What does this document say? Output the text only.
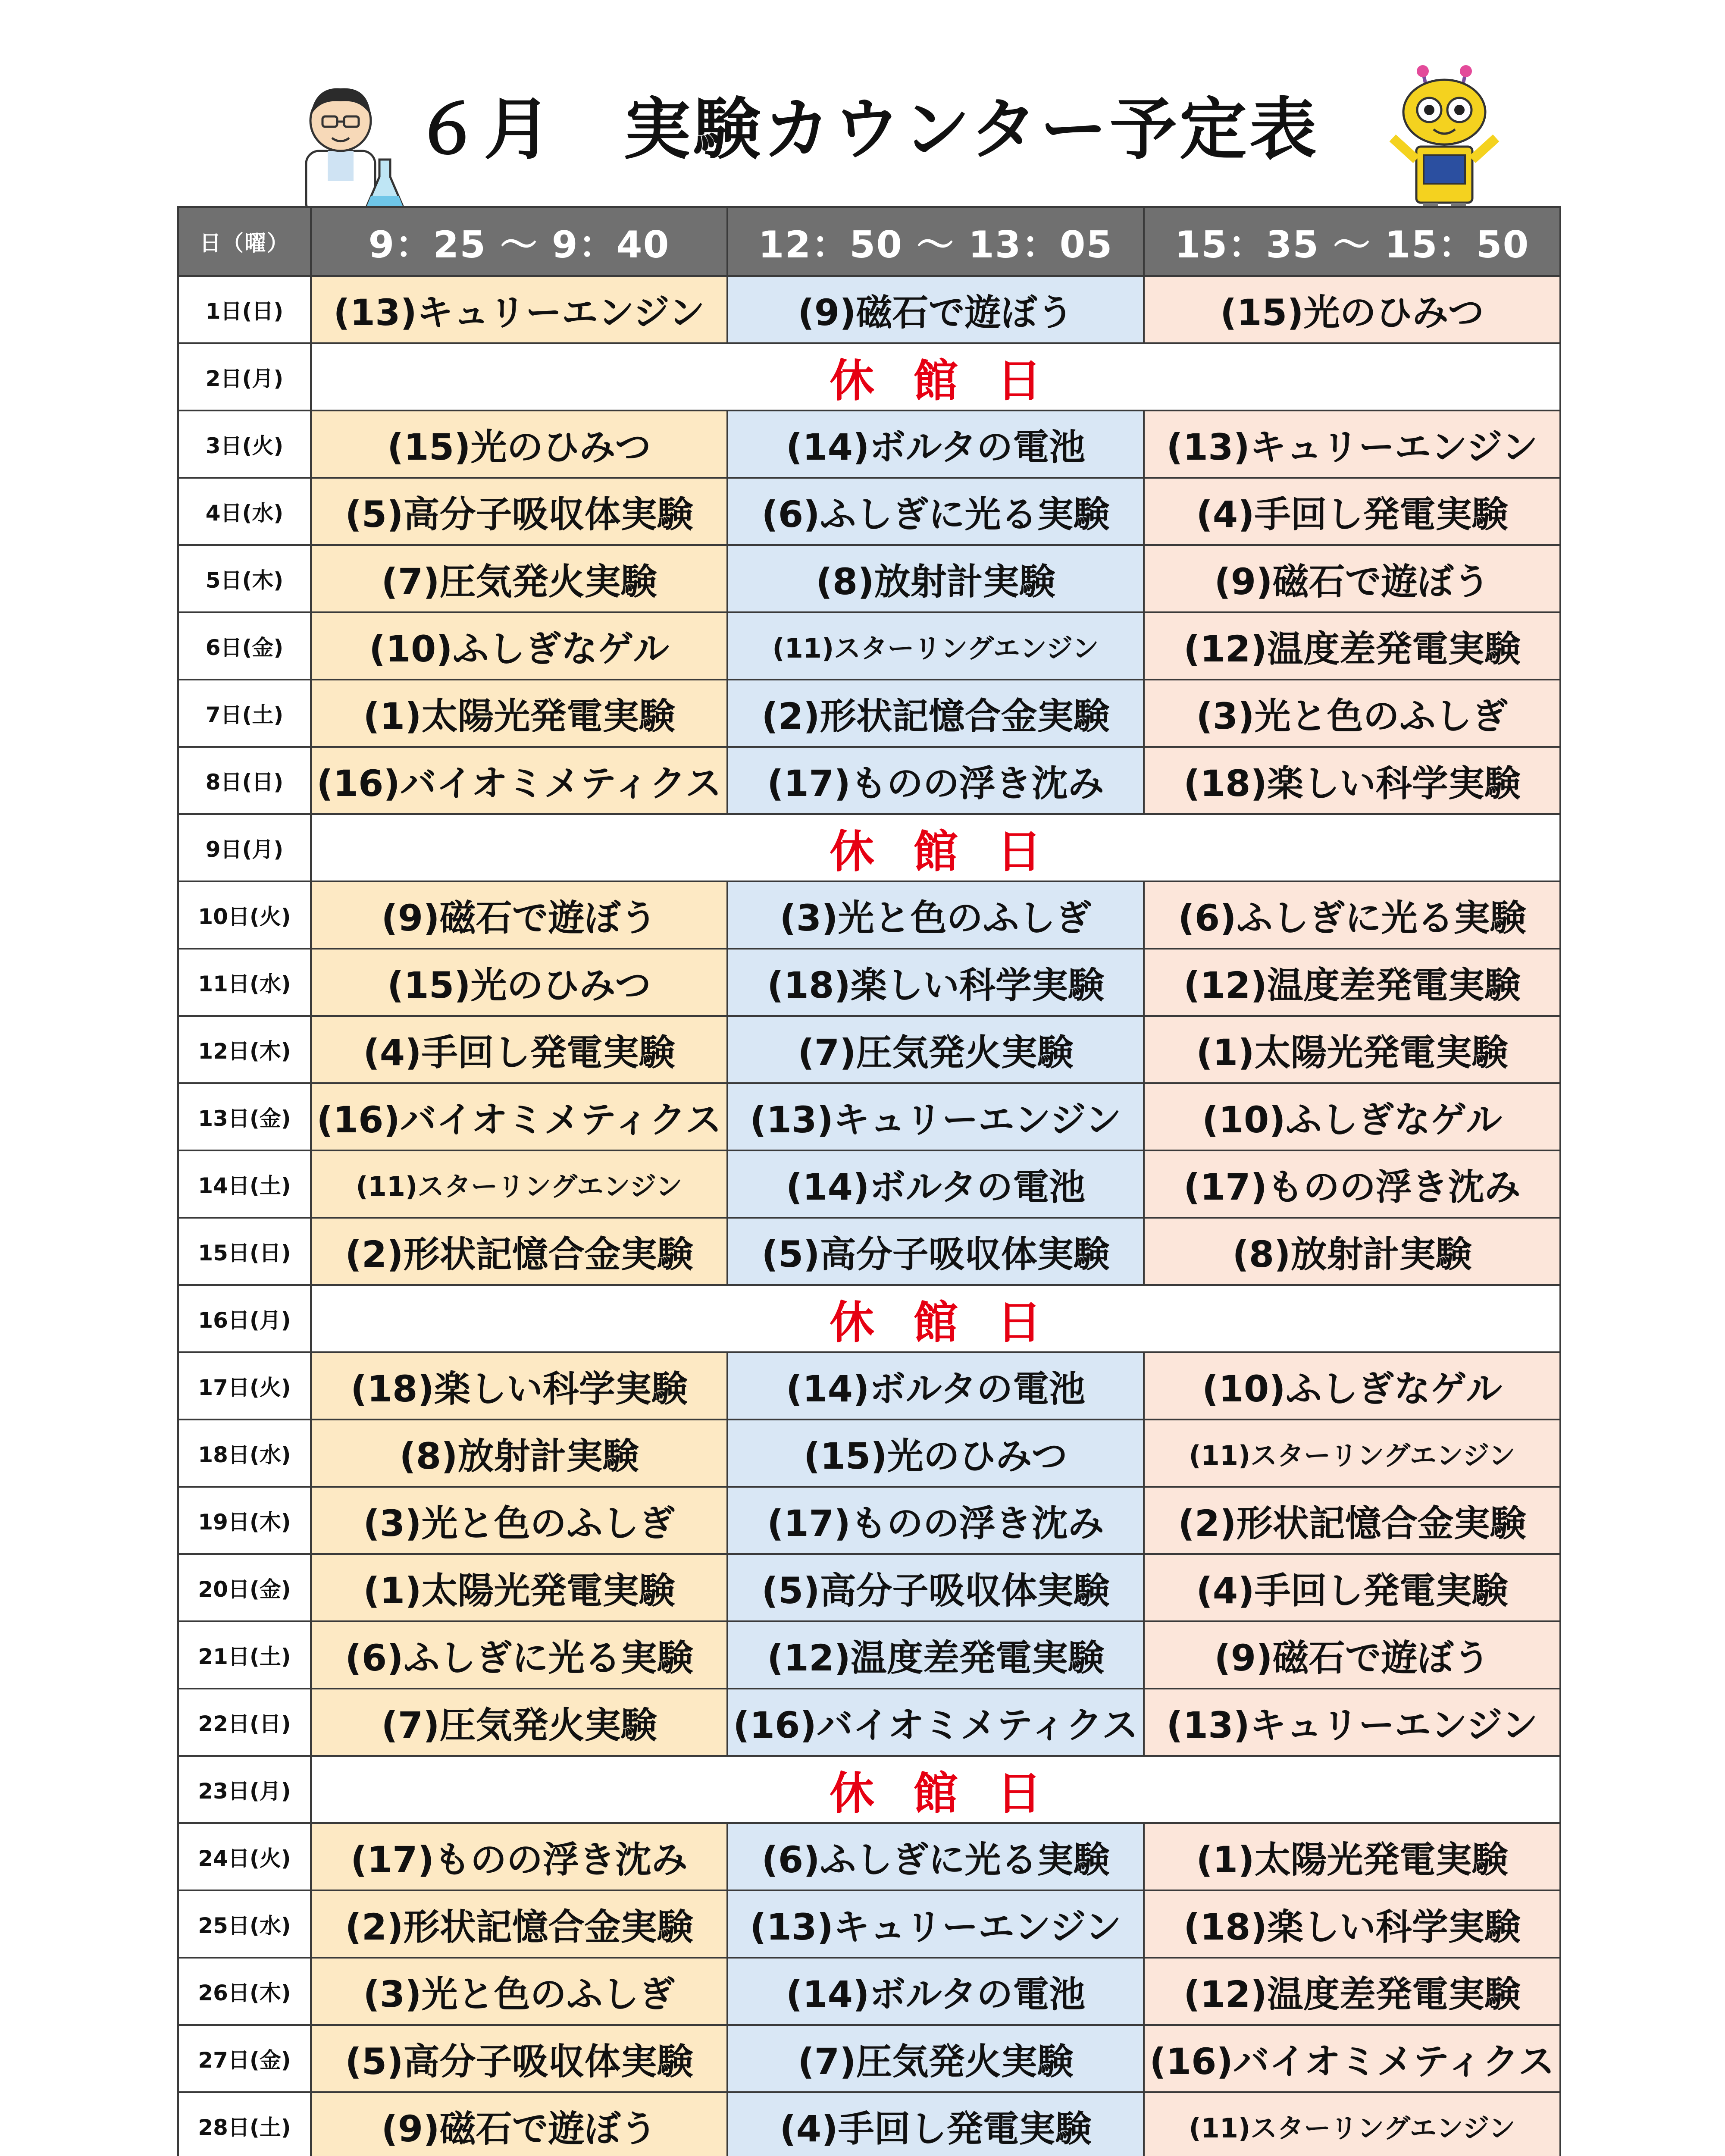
６月　実験カウンター予定表
日（曜）	9：25 ～ 9：40	12：50 ～ 13：05	15：35 ～ 15：50
1日(日)	(13)キュリーエンジン	(9)磁石で遊ぼう	(15)光のひみつ
2日(月)	休館日		
3日(火)	(15)光のひみつ	(14)ボルタの電池	(13)キュリーエンジン
4日(水)	(5)高分子吸収体実験	(6)ふしぎに光る実験	(4)手回し発電実験
5日(木)	(7)圧気発火実験	(8)放射計実験	(9)磁石で遊ぼう
6日(金)	(10)ふしぎなゲル	(11)スターリングエンジン	(12)温度差発電実験
7日(土)	(1)太陽光発電実験	(2)形状記憶合金実験	(3)光と色のふしぎ
8日(日)	(16)バイオミメティクス	(17)ものの浮き沈み	(18)楽しい科学実験
9日(月)	休館日		
10日(火)	(9)磁石で遊ぼう	(3)光と色のふしぎ	(6)ふしぎに光る実験
11日(水)	(15)光のひみつ	(18)楽しい科学実験	(12)温度差発電実験
12日(木)	(4)手回し発電実験	(7)圧気発火実験	(1)太陽光発電実験
13日(金)	(16)バイオミメティクス	(13)キュリーエンジン	(10)ふしぎなゲル
14日(土)	(11)スターリングエンジン	(14)ボルタの電池	(17)ものの浮き沈み
15日(日)	(2)形状記憶合金実験	(5)高分子吸収体実験	(8)放射計実験
16日(月)	休館日		
17日(火)	(18)楽しい科学実験	(14)ボルタの電池	(10)ふしぎなゲル
18日(水)	(8)放射計実験	(15)光のひみつ	(11)スターリングエンジン
19日(木)	(3)光と色のふしぎ	(17)ものの浮き沈み	(2)形状記憶合金実験
20日(金)	(1)太陽光発電実験	(5)高分子吸収体実験	(4)手回し発電実験
21日(土)	(6)ふしぎに光る実験	(12)温度差発電実験	(9)磁石で遊ぼう
22日(日)	(7)圧気発火実験	(16)バイオミメティクス	(13)キュリーエンジン
23日(月)	休館日		
24日(火)	(17)ものの浮き沈み	(6)ふしぎに光る実験	(1)太陽光発電実験
25日(水)	(2)形状記憶合金実験	(13)キュリーエンジン	(18)楽しい科学実験
26日(木)	(3)光と色のふしぎ	(14)ボルタの電池	(12)温度差発電実験
27日(金)	(5)高分子吸収体実験	(7)圧気発火実験	(16)バイオミメティクス
28日(土)	(9)磁石で遊ぼう	(4)手回し発電実験	(11)スターリングエンジン
